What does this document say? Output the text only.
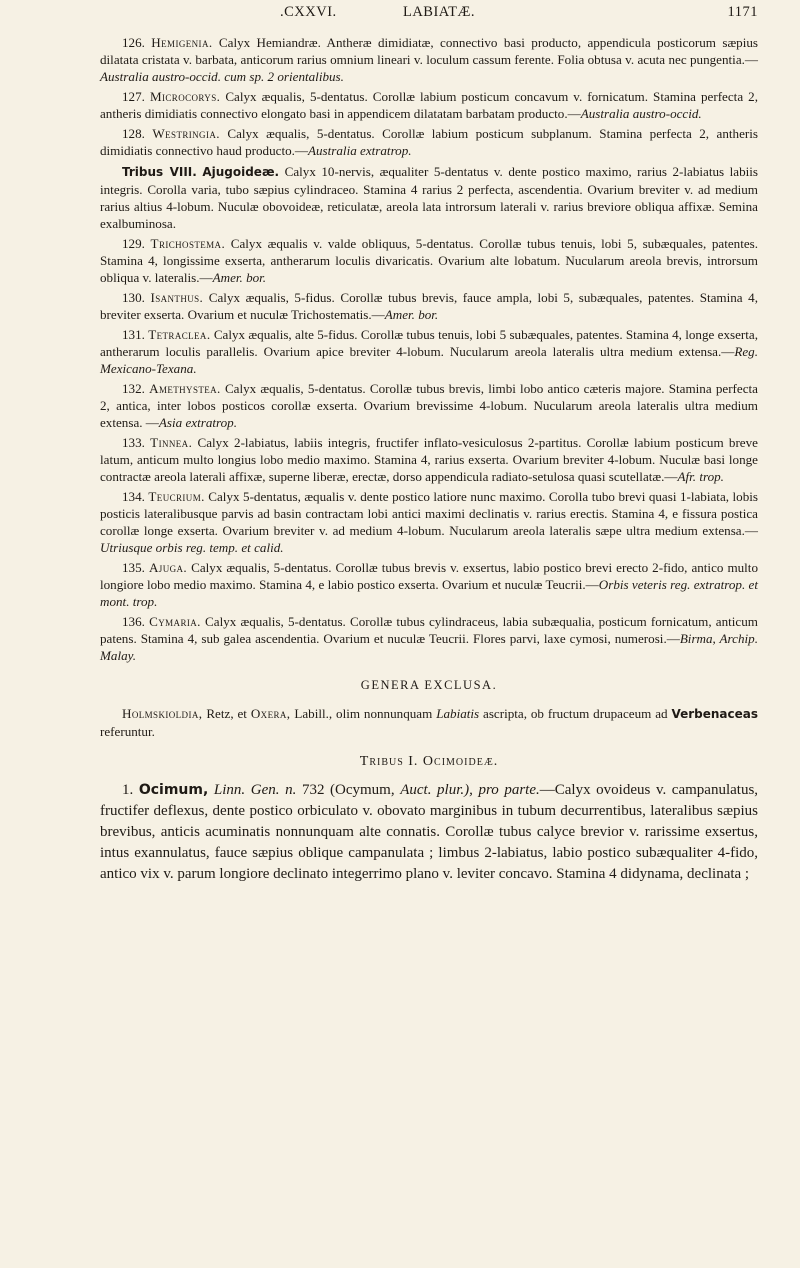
.CXXVI.	LABIATÆ.	1171

126. Hemigenia. Calyx Hemiandræ. Antheræ dimidiatæ, connectivo basi producto, appendicula posticorum sæpius dilatata cristata v. barbata, anticorum rarius omnium lineari v. loculum cassum ferente. Folia obtusa v. acuta nec pungentia.—Australia austro-occid. cum sp. 2 orientalibus.

127. Microcorys. Calyx æqualis, 5-dentatus. Corollæ labium posticum concavum v. fornicatum. Stamina perfecta 2, antheris dimidiatis connectivo elongato basi in appendicem dilatatam barbatam producto.—Australia austro-occid.

128. Westringia. Calyx æqualis, 5-dentatus. Corollæ labium posticum subplanum. Stamina perfecta 2, antheris dimidiatis connectivo haud producto.—Australia extratrop.

Tribus VIII. Ajugoideæ. Calyx 10-nervis, æqualiter 5-dentatus v. dente postico maximo, rarius 2-labiatus labiis integris. Corolla varia, tubo sæpius cylindraceo. Stamina 4 rarius 2 perfecta, ascendentia. Ovarium breviter v. ad medium rarius altius 4-lobum. Nuculæ obovoideæ, reticulatæ, areola lata introrsum laterali v. rarius breviore obliqua affixæ. Semina exalbuminosa.

129. Trichostema. Calyx æqualis v. valde obliquus, 5-dentatus. Corollæ tubus tenuis, lobi 5, subæquales, patentes. Stamina 4, longissime exserta, antherarum loculis divaricatis. Ovarium alte lobatum. Nucularum areola brevis, introrsum obliqua v. lateralis.—Amer. bor.

130. Isanthus. Calyx æqualis, 5-fidus. Corollæ tubus brevis, fauce ampla, lobi 5, subæquales, patentes. Stamina 4, breviter exserta. Ovarium et nuculæ Trichostematis.—Amer. bor.

131. Tetraclea. Calyx æqualis, alte 5-fidus. Corollæ tubus tenuis, lobi 5 subæquales, patentes. Stamina 4, longe exserta, antherarum loculis parallelis. Ovarium apice breviter 4-lobum. Nucularum areola lateralis ultra medium extensa.—Reg. Mexicano-Texana.

132. Amethystea. Calyx æqualis, 5-dentatus. Corollæ tubus brevis, limbi lobo antico cæteris majore. Stamina perfecta 2, antica, inter lobos posticos corollæ exserta. Ovarium brevissime 4-lobum. Nucularum areola lateralis ultra medium extensa. —Asia extratrop.

133. Tinnea. Calyx 2-labiatus, labiis integris, fructifer inflato-vesiculosus 2-partitus. Corollæ labium posticum breve latum, anticum multo longius lobo medio maximo. Stamina 4, rarius exserta. Ovarium breviter 4-lobum. Nuculæ basi longe contractæ areola laterali affixæ, superne liberæ, erectæ, dorso appendicula radiato-setulosa quasi scutellatæ.—Afr. trop.

134. Teucrium. Calyx 5-dentatus, æqualis v. dente postico latiore nunc maximo. Corolla tubo brevi quasi 1-labiata, lobis posticis lateralibusque parvis ad basin contractam lobi antici maximi declinatis v. rarius erectis. Stamina 4, e fissura postica corollæ longe exserta. Ovarium breviter v. ad medium 4-lobum. Nucularum areola lateralis sæpe ultra medium extensa.—Utriusque orbis reg. temp. et calid.

135. Ajuga. Calyx æqualis, 5-dentatus. Corollæ tubus brevis v. exsertus, labio postico brevi erecto 2-fido, antico multo longiore lobo medio maximo. Stamina 4, e labio postico exserta. Ovarium et nuculæ Teucrii.—Orbis veteris reg. extratrop. et mont. trop.

136. Cymaria. Calyx æqualis, 5-dentatus. Corollæ tubus cylindraceus, labia subæqualia, posticum fornicatum, anticum patens. Stamina 4, sub galea ascendentia. Ovarium et nuculæ Teucrii. Flores parvi, laxe cymosi, numerosi.—Birma, Archip. Malay.

GENERA EXCLUSA.

Holmskioldia, Retz, et Oxera, Labill., olim nonnunquam Labiatis ascripta, ob fructum drupaceum ad Verbenaceas referuntur.

Tribus I. Ocimoideæ.

1. Ocimum, Linn. Gen. n. 732 (Ocymum, Auct. plur.), pro parte.—Calyx ovoideus v. campanulatus, fructifer deflexus, dente postico orbiculato v. obovato marginibus in tubum decurrentibus, lateralibus sæpius brevibus, anticis acuminatis nonnunquam alte connatis. Corollæ tubus calyce brevior v. rarissime exsertus, intus exannulatus, fauce sæpius oblique campanulata ; limbus 2-labiatus, labio postico subæqualiter 4-fido, antico vix v. parum longiore declinato integerrimo plano v. leviter concavo. Stamina 4 didynama, declinata ;
